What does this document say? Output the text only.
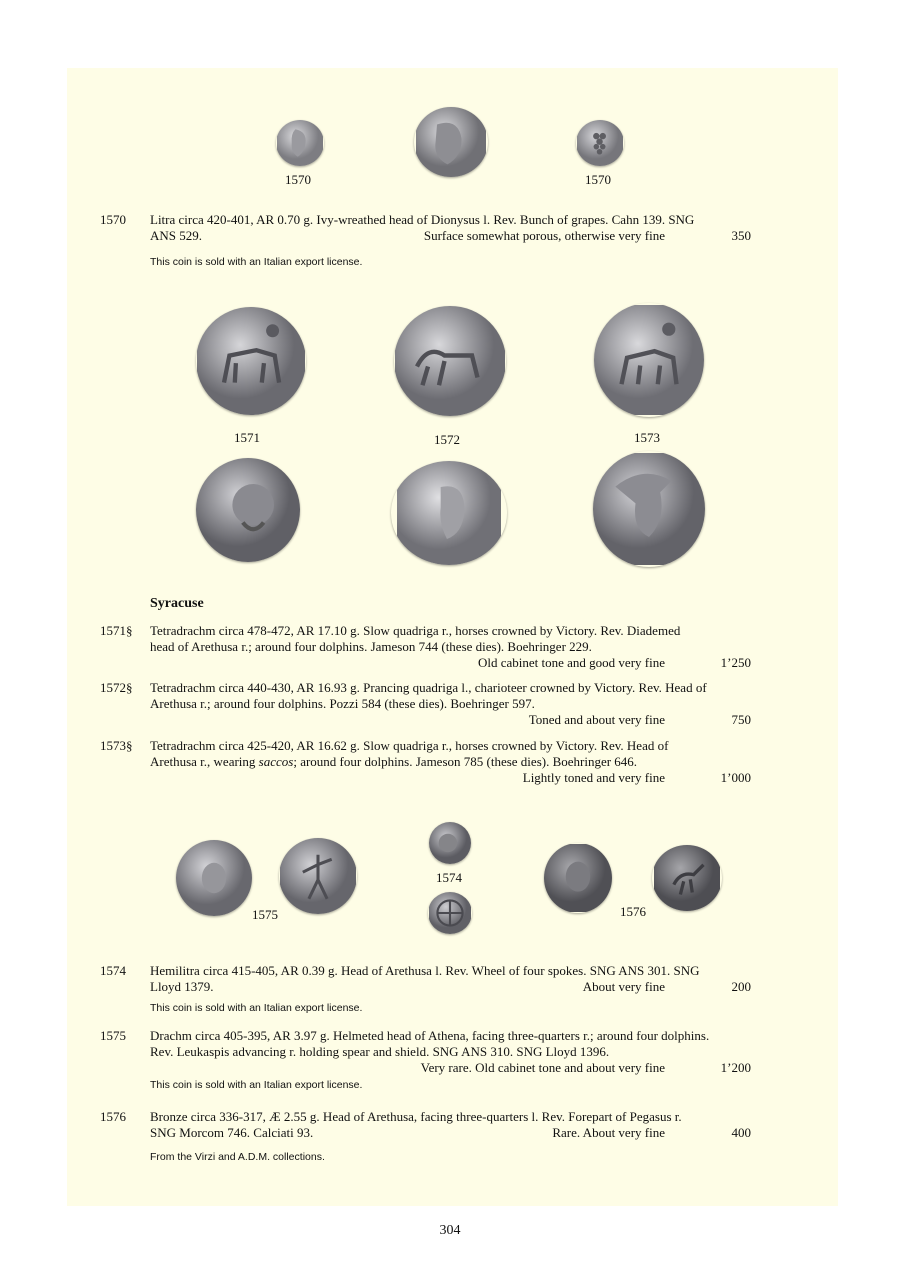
1570	1570
1570	Litra circa 420-401, AR 0.70 g. Ivy-wreathed head of Dionysus l. Rev. Bunch of grapes. Cahn 139. SNG
ANS 529.	Surface somewhat porous, otherwise very fine	350
This coin is sold with an Italian export license.
1571	1572	1573
Syracuse
1571§	Tetradrachm circa 478-472, AR 17.10 g. Slow quadriga r., horses crowned by Victory. Rev. Diademed
head of Arethusa r.; around four dolphins. Jameson 744 (these dies). Boehringer 229.
Old cabinet tone and good very fine	1’250
1572§	Tetradrachm circa 440-430, AR 16.93 g. Prancing quadriga l., charioteer crowned by Victory. Rev. Head of
Arethusa r.; around four dolphins. Pozzi 584 (these dies). Boehringer 597.
Toned and about very fine	750
1573§	Tetradrachm circa 425-420, AR 16.62 g. Slow quadriga r., horses crowned by Victory. Rev. Head of
Arethusa r., wearing saccos; around four dolphins. Jameson 785 (these dies). Boehringer 646.
Lightly toned and very fine	1’000
1575
1574
1576
1574	Hemilitra circa 415-405, AR 0.39 g. Head of Arethusa l. Rev. Wheel of four spokes. SNG ANS 301. SNG
Lloyd 1379.	About very fine	200
This coin is sold with an Italian export license.
1575	Drachm circa 405-395, AR 3.97 g. Helmeted head of Athena, facing three-quarters r.; around four dolphins.
Rev. Leukaspis advancing r. holding spear and shield. SNG ANS 310. SNG Lloyd 1396.
Very rare. Old cabinet tone and about very fine	1’200
This coin is sold with an Italian export license.
1576	Bronze circa 336-317, Æ 2.55 g. Head of Arethusa, facing three-quarters l. Rev. Forepart of Pegasus r.
SNG Morcom 746. Calciati 93.	Rare. About very fine	400
From the Virzi and A.D.M. collections.
304
